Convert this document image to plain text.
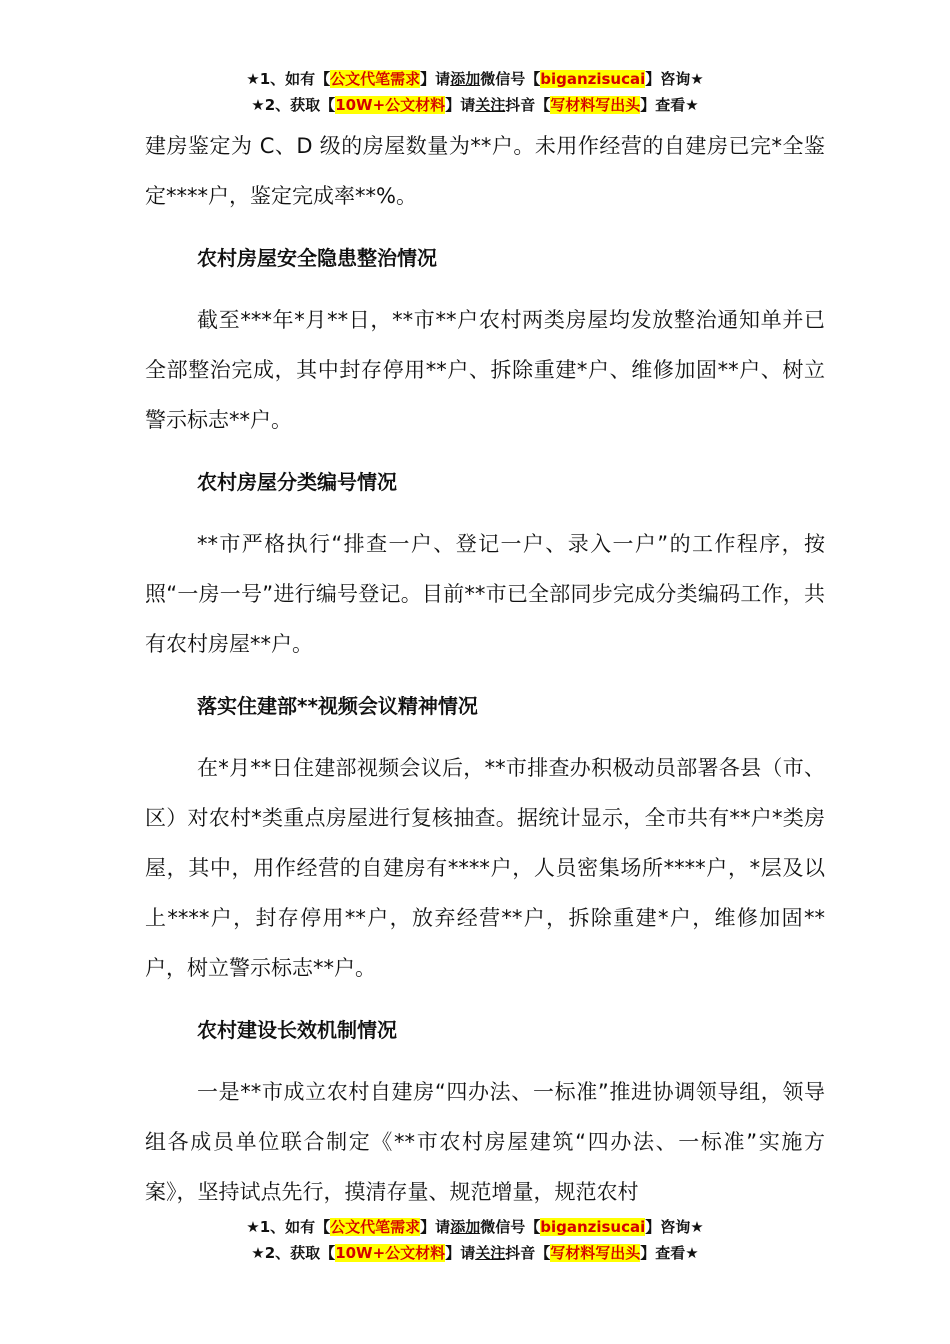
★1、如有【公文代笔需求】请添加微信号【biganzisucai】咨询★
★2、获取【10W+公文材料】请关注抖音【写材料写出头】查看★

建房鉴定为 C、D 级的房屋数量为**户。未用作经营的自建房已完*全鉴定****户，鉴定完成率**%。

农村房屋安全隐患整治情况

截至***年*月**日，**市**户农村两类房屋均发放整治通知单并已全部整治完成，其中封存停用**户、拆除重建*户、维修加固**户、树立警示标志**户。

农村房屋分类编号情况

**市严格执行“排查一户、登记一户、录入一户”的工作程序，按照“一房一号”进行编号登记。目前**市已全部同步完成分类编码工作，共有农村房屋**户。

落实住建部**视频会议精神情况

在*月**日住建部视频会议后，**市排查办积极动员部署各县（市、区）对农村*类重点房屋进行复核抽查。据统计显示，全市共有**户*类房屋，其中，用作经营的自建房有****户，人员密集场所****户，*层及以上****户，封存停用**户，放弃经营**户，拆除重建*户，维修加固**户，树立警示标志**户。

农村建设长效机制情况

一是**市成立农村自建房“四办法、一标准”推进协调领导组，领导组各成员单位联合制定《**市农村房屋建筑“四办法、一标准”实施方案》，坚持试点先行，摸清存量、规范增量，规范农村

★1、如有【公文代笔需求】请添加微信号【biganzisucai】咨询★
★2、获取【10W+公文材料】请关注抖音【写材料写出头】查看★
